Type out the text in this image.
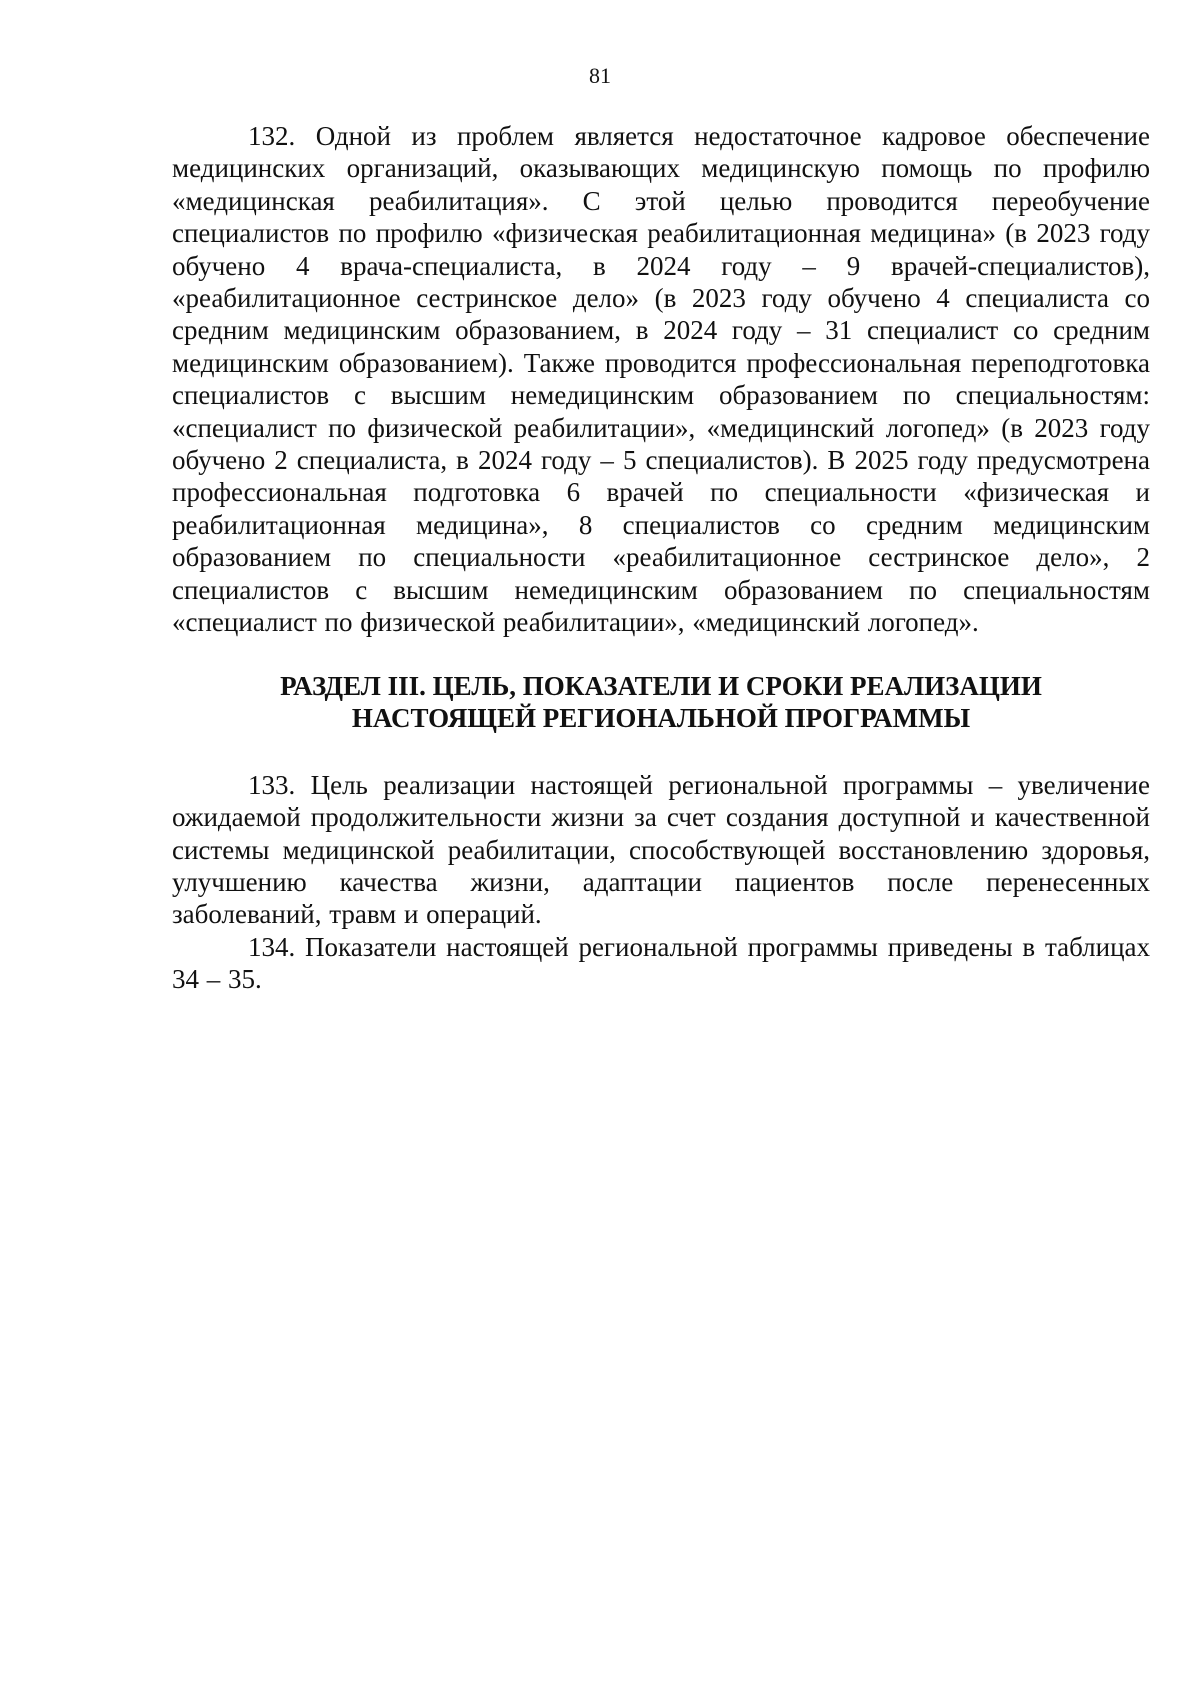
81

132. Одной из проблем является недостаточное кадровое обеспечение медицинских организаций, оказывающих медицинскую помощь по профилю «медицинская реабилитация». С этой целью проводится переобучение специалистов по профилю «физическая реабилитационная медицина» (в 2023 году обучено 4 врача-специалиста, в 2024 году – 9 врачей-специалистов), «реабилитационное сестринское дело» (в 2023 году обучено 4 специалиста со средним медицинским образованием, в 2024 году – 31 специалист со средним медицинским образованием). Также проводится профессиональная переподготовка специалистов с высшим немедицинским образованием по специальностям: «специалист по физической реабилитации», «медицинский логопед» (в 2023 году обучено 2 специалиста, в 2024 году – 5 специалистов). В 2025 году предусмотрена профессиональная подготовка 6 врачей по специальности «физическая и реабилитационная медицина», 8 специалистов со средним медицинским образованием по специальности «реабилитационное сестринское дело», 2 специалистов с высшим немедицинским образованием по специальностям «специалист по физической реабилитации», «медицинский логопед».

РАЗДЕЛ III. ЦЕЛЬ, ПОКАЗАТЕЛИ И СРОКИ РЕАЛИЗАЦИИ
НАСТОЯЩЕЙ РЕГИОНАЛЬНОЙ ПРОГРАММЫ

133. Цель реализации настоящей региональной программы – увеличение ожидаемой продолжительности жизни за счет создания доступной и качественной системы медицинской реабилитации, способствующей восстановлению здоровья, улучшению качества жизни, адаптации пациентов после перенесенных заболеваний, травм и операций.

134. Показатели настоящей региональной программы приведены в таблицах 34 – 35.
